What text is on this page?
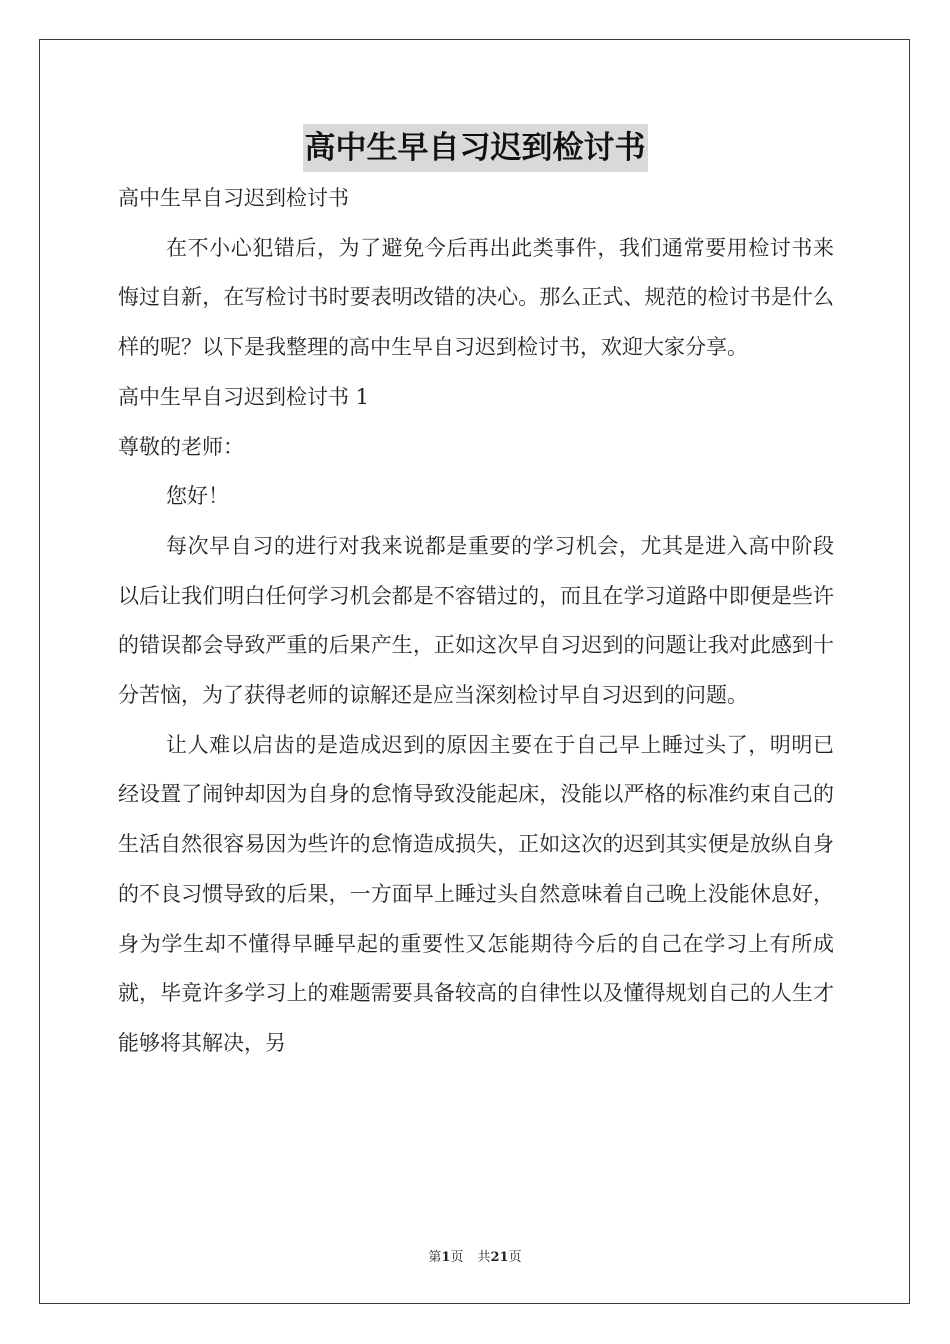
高中生早自习迟到检讨书

高中生早自习迟到检讨书

在不小心犯错后，为了避免今后再出此类事件，我们通常要用检讨书来悔过自新，在写检讨书时要表明改错的决心。那么正式、规范的检讨书是什么样的呢？以下是我整理的高中生早自习迟到检讨书，欢迎大家分享。

高中生早自习迟到检讨书 1

尊敬的老师：

您好！

每次早自习的进行对我来说都是重要的学习机会，尤其是进入高中阶段以后让我们明白任何学习机会都是不容错过的，而且在学习道路中即便是些许的错误都会导致严重的后果产生，正如这次早自习迟到的问题让我对此感到十分苦恼，为了获得老师的谅解还是应当深刻检讨早自习迟到的问题。

让人难以启齿的是造成迟到的原因主要在于自己早上睡过头了，明明已经设置了闹钟却因为自身的怠惰导致没能起床，没能以严格的标准约束自己的生活自然很容易因为些许的怠惰造成损失，正如这次的迟到其实便是放纵自身的不良习惯导致的后果，一方面早上睡过头自然意味着自己晚上没能休息好，身为学生却不懂得早睡早起的重要性又怎能期待今后的自己在学习上有所成就，毕竟许多学习上的难题需要具备较高的自律性以及懂得规划自己的人生才能够将其解决，另

第1页 共21页
